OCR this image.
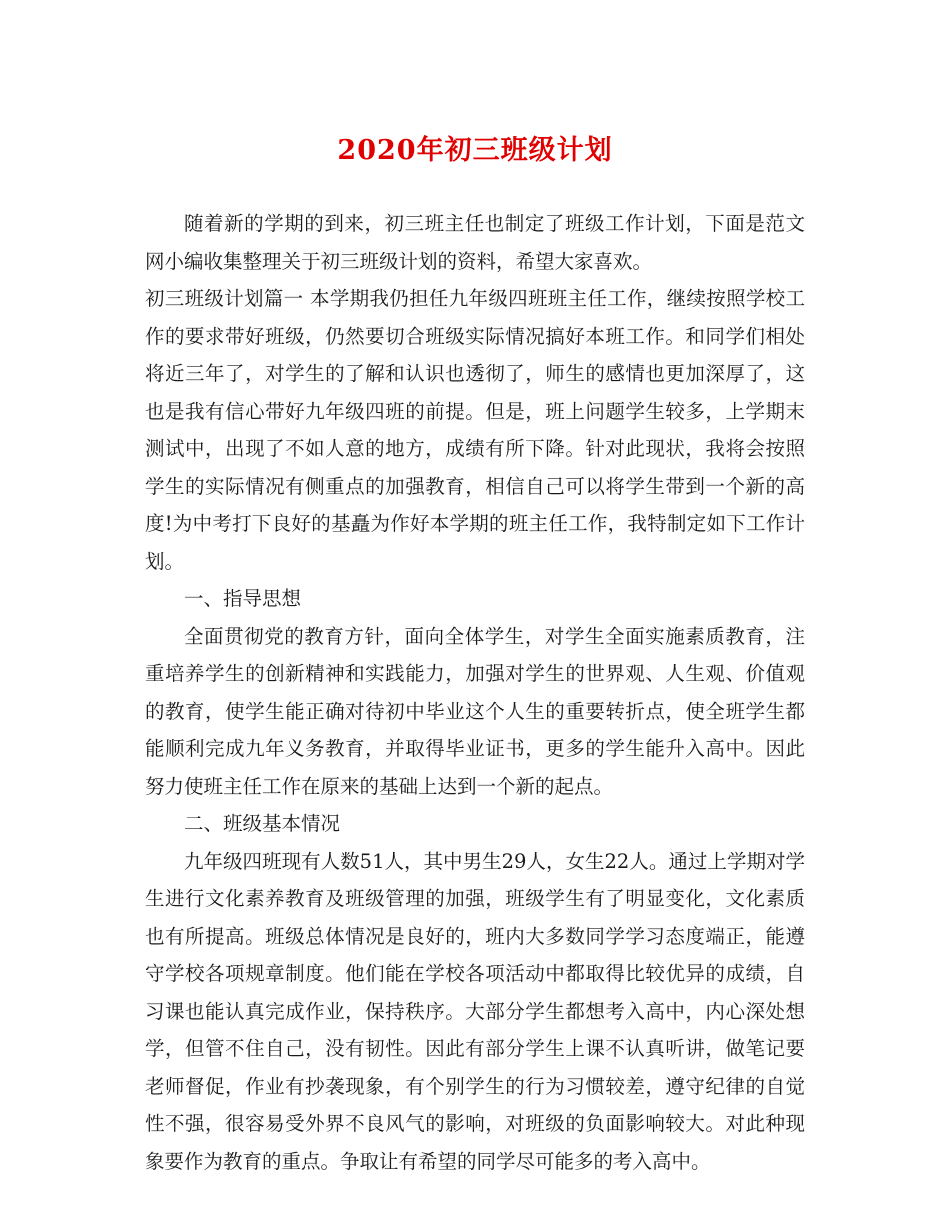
2020年初三班级计划

随着新的学期的到来，初三班主任也制定了班级工作计划，下面是范文网小编收集整理关于初三班级计划的资料，希望大家喜欢。

初三班级计划篇一 本学期我仍担任九年级四班班主任工作，继续按照学校工作的要求带好班级，仍然要切合班级实际情况搞好本班工作。和同学们相处将近三年了，对学生的了解和认识也透彻了，师生的感情也更加深厚了，这也是我有信心带好九年级四班的前提。但是，班上问题学生较多，上学期末测试中，出现了不如人意的地方，成绩有所下降。针对此现状，我将会按照学生的实际情况有侧重点的加强教育，相信自己可以将学生带到一个新的高度!为中考打下良好的基矗为作好本学期的班主任工作，我特制定如下工作计划。

一、指导思想

全面贯彻党的教育方针，面向全体学生，对学生全面实施素质教育，注重培养学生的创新精神和实践能力，加强对学生的世界观、人生观、价值观的教育，使学生能正确对待初中毕业这个人生的重要转折点，使全班学生都能顺利完成九年义务教育，并取得毕业证书，更多的学生能升入高中。因此努力使班主任工作在原来的基础上达到一个新的起点。

二、班级基本情况

九年级四班现有人数51人，其中男生29人，女生22人。通过上学期对学生进行文化素养教育及班级管理的加强，班级学生有了明显变化，文化素质也有所提高。班级总体情况是良好的，班内大多数同学学习态度端正，能遵守学校各项规章制度。他们能在学校各项活动中都取得比较优异的成绩，自习课也能认真完成作业，保持秩序。大部分学生都想考入高中，内心深处想学，但管不住自己，没有韧性。因此有部分学生上课不认真听讲，做笔记要老师督促，作业有抄袭现象，有个别学生的行为习惯较差，遵守纪律的自觉性不强，很容易受外界不良风气的影响，对班级的负面影响较大。对此种现象要作为教育的重点。争取让有希望的同学尽可能多的考入高中。
